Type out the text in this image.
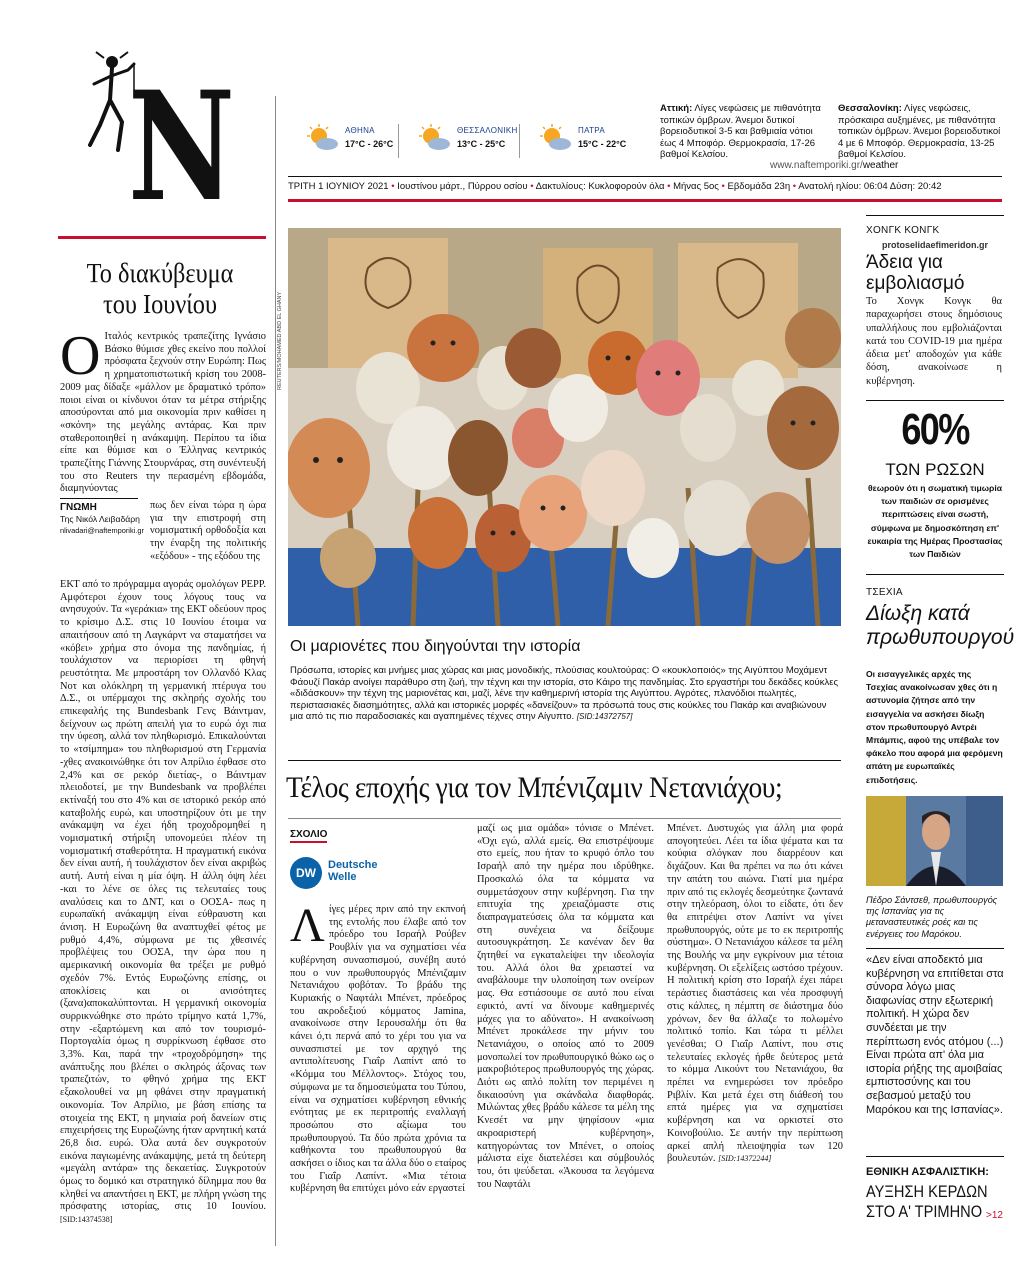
N	ΑΘΗΝΑ
17°C - 26°C
ΘΕΣΣΑΛΟΝΙΚΗ
13°C - 25°C
ΠΑΤΡΑ
15°C - 22°C
Αττική: Λίγες νεφώσεις με πιθανότητα τοπικών όμβρων. Άνεμοι δυτικοί βορειοδυτικοί 3-5 και βαθμιαία νότιοι έως 4 Μποφόρ. Θερμοκρασία, 17-26 βαθμοί Κελσίου.
Θεσσαλονίκη: Λίγες νεφώσεις, πρόσκαιρα αυξημένες, με πιθανότητα τοπικών όμβρων. Άνεμοι βορειοδυτικοί 4 με 6 Μποφόρ. Θερμοκρασία, 13-25 βαθμοί Κελσίου.
www.naftemporiki.gr/weather
ΤΡΙΤΗ 1 ΙΟΥΝΙΟΥ 2021 • Ιουστίνου μάρτ., Πύρρου οσίου • Δακτυλίους: Κυκλοφορούν όλα • Μήνας 5ος • Εβδομάδα 23η • Ανατολή ηλίου: 06:04 Δύση: 20:42
Το διακύβευμα
του Ιουνίου
Ο Ιταλός κεντρικός τραπεζίτης Ιγνάσιο Βάσκο θύμισε χθες εκείνο που πολλοί πρόσφατα ξεχνούν στην Ευρώπη: Πως η χρηματοπιστωτική κρίση του 2008-2009 μας δίδαξε «μάλλον με δραματικό τρόπο» ποιοι είναι οι κίνδυνοι όταν τα μέτρα στήριξης αποσύρονται από μια οικονομία πριν καθίσει η «σκόνη» της μεγάλης αντάρας. Και πριν σταθεροποιηθεί η ανάκαμψη. Περίπου τα ίδια είπε και θύμισε και ο Έλληνας κεντρικός τραπεζίτης Γιάννης Στουρνάρας, στη συνέντευξή του στο Reuters την περασμένη εβδομάδα, διαμηνύοντας
ΓΝΩΜΗ
Της Νικόλ Λειβαδάρη
nlivadari@naftemporiki.gr
πως δεν είναι τώρα η ώρα για την επιστροφή στη νομισματική ορθοδοξία και την έναρξη της πολιτικής «εξόδου» - της εξόδου της
ΕΚΤ από το πρόγραμμα αγοράς ομολόγων PEPP. Αμφότεροι έχουν τους λόγους τους να ανησυχούν. Τα «γεράκια» της ΕΚΤ οδεύουν προς το κρίσιμο Δ.Σ. στις 10 Ιουνίου έτοιμα να απαιτήσουν από τη Λαγκάρντ να σταματήσει να «κόβει» χρήμα στο όνομα της πανδημίας, ή τουλάχιστον να περιορίσει τη φθηνή ρευστότητα. Με μπροστάρη τον Ολλανδό Κλας Νοτ και ολόκληρη τη γερμανική πτέρυγα του Δ.Σ., οι υπέρμαχοι της σκληρής σχολής του επικεφαλής της Bundesbank Γενς Βάιντμαν, δείχνουν ως πρώτη απειλή για το ευρώ όχι πια την ύφεση, αλλά τον πληθωρισμό. Επικαλούνται το «τσίμπημα» του πληθωρισμού στη Γερμανία -χθες ανακοινώθηκε ότι τον Απρίλιο έφθασε στο 2,4% και σε ρεκόρ διετίας-, ο Βάιντμαν πλειοδοτεί, με την Bundesbank να προβλέπει εκτίναξή του στο 4% και σε ιστορικό ρεκόρ από καταβολής ευρώ, και υποστηρίζουν ότι με την ανάκαμψη να έχει ήδη τροχοδρομηθεί η νομισματική στήριξη υπονομεύει πλέον τη νομισματική σταθερότητα. Η πραγματική εικόνα δεν είναι αυτή, ή τουλάχιστον δεν είναι ακριβώς αυτή. Αυτή είναι η μία όψη. Η άλλη όψη λέει -και το λένε σε όλες τις τελευταίες τους αναλύσεις και το ΔΝΤ, και ο ΟΟΣΑ- πως η ευρωπαϊκή ανάκαμψη είναι εύθραυστη και άνιση. Η Ευρωζώνη θα αναπτυχθεί φέτος με ρυθμό 4,4%, σύμφωνα με τις χθεσινές προβλέψεις του ΟΟΣΑ, την ώρα που η αμερικανική οικονομία θα τρέξει με ρυθμό σχεδόν 7%. Εντός Ευρωζώνης επίσης, οι αποκλίσεις και οι ανισότητες (ξανα)αποκαλύπτονται. Η γερμανική οικονομία συρρικνώθηκε στο πρώτο τρίμηνο κατά 1,7%, στην -εξαρτώμενη και από τον τουρισμό- Πορτογαλία όμως η συρρίκνωση έφθασε στο 3,3%. Και, παρά την «τροχοδρόμηση» της ανάπτυξης που βλέπει ο σκληρός άξονας των τραπεζιτών, το φθηνό χρήμα της ΕΚΤ εξακολουθεί να μη φθάνει στην πραγματική οικονομία. Τον Απρίλιο, με βάση επίσης τα στοιχεία της ΕΚΤ, η μηνιαία ροή δανείων στις επιχειρήσεις της Ευρωζώνης ήταν αρνητική κατά 26,8 δισ. ευρώ. Όλα αυτά δεν συγκροτούν εικόνα παγιωμένης ανάκαμψης, μετά τη δεύτερη «μεγάλη αντάρα» της δεκαετίας. Συγκροτούν όμως το δομικό και στρατηγικό δίλημμα που θα κληθεί να απαντήσει η ΕΚΤ, με πλήρη γνώση της πρόσφατης ιστορίας, στις 10 Ιουνίου. [SID:14374538]
REUTERS/MOHAMED ABD EL GHANY
Οι μαριονέτες που διηγούνται την ιστορία
Πρόσωπα, ιστορίες και μνήμες μιας χώρας και μιας μονοδικής, πλούσιας κουλτούρας: Ο «κουκλοποιός» της Αιγύπτου Μοχάμεντ Φάουζί Πακάρ ανοίγει παράθυρο στη ζωή, την τέχνη και την ιστορία, στο Κάιρο της πανδημίας. Στο εργαστήρι του δεκάδες κούκλες «διδάσκουν» την τέχνη της μαριονέτας και, μαζί, λένε την καθημερινή ιστορία της Αιγύπτου. Αγρότες, πλανόδιοι πωλητές, περιστασιακές διασημότητες, αλλά και ιστορικές μορφές «δανείζουν» τα πρόσωπά τους στις κούκλες του Πακάρ και αναβιώνουν μια από τις πιο παραδοσιακές και αγαπημένες τέχνες στην Αίγυπτο. [SID:14372757]
Τέλος εποχής για τον Μπένιζαμιν Νετανιάχου;
ΣΧΟΛΙΟ
DW
Deutsche
Welle
Λίγες μέρες πριν από την εκπνοή της εντολής που έλαβε από τον πρόεδρο του Ισραήλ Ρούβεν Ρουβλίν για να σχηματίσει νέα κυβέρνηση συνασπισμού, συνέβη αυτό που ο νυν πρωθυπουργός Μπένιζαμιν Νετανιάχου φοβόταν. Το βράδυ της Κυριακής ο Ναφτάλι Μπένετ, πρόεδρος του ακροδεξιού κόμματος Jamina, ανακοίνωσε στην Ιερουσαλήμ ότι θα κάνει ό,τι περνά από το χέρι του για να συνασπιστεί με τον αρχηγό της αντιπολίτευσης Γιαΐρ Λαπίντ από το «Κόμμα του Μέλλοντος». Στόχος του, σύμφωνα με τα δημοσιεύματα του Τύπου, είναι να σχηματίσει κυβέρνηση εθνικής ενότητας με εκ περιτροπής εναλλαγή προσώπου στο αξίωμα του πρωθυπουργού. Τα δύο πρώτα χρόνια τα καθήκοντα του πρωθυπουργού θα ασκήσει ο ίδιος και τα άλλα δύο ο εταίρος του Γιαΐρ Λαπίντ. «Μια τέτοια κυβέρνηση θα επιτύχει μόνο εάν εργαστεί
μαζί ως μια ομάδα» τόνισε ο Μπένετ. «Όχι εγώ, αλλά εμείς. Θα επιστρέψουμε στο εμείς, που ήταν το κρυφό όπλο του Ισραήλ από την ημέρα που ιδρύθηκε. Προσκαλώ όλα τα κόμματα να συμμετάσχουν στην κυβέρνηση. Για την επιτυχία της χρειαζόμαστε στις διαπραγματεύσεις όλα τα κόμματα και στη συνέχεια να δείξουμε αυτοσυγκράτηση. Σε κανέναν δεν θα ζητηθεί να εγκαταλείψει την ιδεολογία του. Αλλά όλοι θα χρειαστεί να αναβάλουμε την υλοποίηση των ονείρων μας. Θα εστιάσουμε σε αυτό που είναι εφικτό, αντί να δίνουμε καθημερινές μάχες για το αδύνατο». Η ανακοίνωση Μπένετ προκάλεσε την μήνιν του Νετανιάχου, ο οποίος από το 2009 μονοπωλεί τον πρωθυπουργικό θώκο ως ο μακροβιότερος πρωθυπουργός της χώρας. Διότι ως απλό πολίτη τον περιμένει η δικαιοσύνη για σκάνδαλα διαφθοράς. Μιλώντας χθες βράδυ κάλεσε τα μέλη της Κνεσέτ να μην ψηφίσουν «μια ακροαριστερή κυβέρνηση», κατηγορώντας τον Μπένετ, ο οποίος μάλιστα είχε διατελέσει και σύμβουλός του, ότι ψεύδεται. «Άκουσα τα λεγόμενα του Ναφτάλι
Μπένετ. Δυστυχώς για άλλη μια φορά απογοητεύει. Λέει τα ίδια ψέματα και τα κούφια σλόγκαν που διαρρέουν και διχάζουν. Και θα πρέπει να πω ότι κάνει την απάτη του αιώνα. Γιατί μια ημέρα πριν από τις εκλογές δεσμεύτηκε ζωντανά στην τηλεόραση, όλοι το είδατε, ότι δεν θα επιτρέψει στον Λαπίντ να γίνει πρωθυπουργός, ούτε με το εκ περιτροπής σύστημα». Ο Νετανιάχου κάλεσε τα μέλη της Βουλής να μην εγκρίνουν μια τέτοια κυβέρνηση. Οι εξελίξεις ωστόσο τρέχουν. Η πολιτική κρίση στο Ισραήλ έχει πάρει τεράστιες διαστάσεις και νέα προσφυγή στις κάλπες, η πέμπτη σε διάστημα δύο χρόνων, δεν θα άλλαζε το πολωμένο πολιτικό τοπίο. Και τώρα τι μέλλει γενέσθαι; Ο Γιαΐρ Λαπίντ, που στις τελευταίες εκλογές ήρθε δεύτερος μετά το κόμμα Λικούντ του Νετανιάχου, θα πρέπει να ενημερώσει τον πρόεδρο Ριβλίν. Και μετά έχει στη διάθεσή του επτά ημέρες για να σχηματίσει κυβέρνηση και να ορκιστεί στο Κοινοβούλιο. Σε αυτήν την περίπτωση αρκεί απλή πλειοψηφία των 120 βουλευτών. [SID:14372244]
ΧΟΝΓΚ ΚΟΝΓΚ
protoselidaefimeridon.gr
Άδεια για
εμβολιασμό
Το Χονγκ Κονγκ θα παραχωρήσει στους δημόσιους υπαλλήλους που εμβολιάζονται κατά του COVID-19 μια ημέρα άδεια μετ' αποδοχών για κάθε δόση, ανακοίνωσε η κυβέρνηση.
60%
ΤΩΝ ΡΩΣΩΝ
θεωρούν ότι η σωματική τιμωρία των παιδιών σε ορισμένες περιπτώσεις είναι σωστή, σύμφωνα με δημοσκόπηση επ' ευκαιρία της Ημέρας Προστασίας των Παιδιών
ΤΣΕΧΙΑ
Δίωξη κατά
πρωθυπουργού
Οι εισαγγελικές αρχές της Τσεχίας ανακοίνωσαν χθες ότι η αστυνομία ζήτησε από την εισαγγελία να ασκήσει δίωξη στον πρωθυπουργό Αντρέι Μπάμπις, αφού της υπέβαλε τον φάκελο που αφορά μια φερόμενη απάτη με ευρωπαϊκές επιδοτήσεις.
Πέδρο Σάντσεθ, πρωθυπουργός της Ισπανίας για τις μεταναστευτικές ροές και τις ενέργειες του Μαρόκου.
«Δεν είναι αποδεκτό μια κυβέρνηση να επιτίθεται στα σύνορα λόγω μιας διαφωνίας στην εξωτερική πολιτική. Η χώρα δεν συνδέεται με την περίπτωση ενός ατόμου (...) Είναι πρώτα απ' όλα μια ιστορία ρήξης της αμοιβαίας εμπιστοσύνης και του σεβασμού μεταξύ του Μαρόκου και της Ισπανίας».
ΕΘΝΙΚΗ ΑΣΦΑΛΙΣΤΙΚΗ:
ΑΥΞΗΣΗ ΚΕΡΔΩΝ
ΣΤΟ Α' ΤΡΙΜΗΝΟ >12
